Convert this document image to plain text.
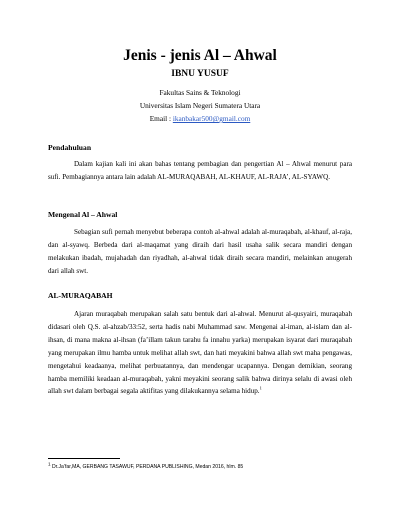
Jenis - jenis Al – Ahwal
IBNU YUSUF
Fakultas Sains & Teknologi
Universitas Islam Negeri Sumatera Utara
Email : ikanbakar500@gmail.com
Pendahuluan

Dalam kajian kali ini akan bahas tentang pembagian dan pengertian Al – Ahwal menurut para sufi. Pembagiannya antara lain adalah AL-MURAQABAH, AL-KHAUF, AL-RAJA’, AL-SYAWQ.

Mengenal Al – Ahwal

Sebagian sufi pernah menyebut beberapa contoh al-ahwal adalah al-muraqabah, al-khauf, al-raja, dan al-syawq. Berbeda dari al-maqamat yang diraih dari hasil usaha salik secara mandiri dengan melakukan ibadah, mujahadah dan riyadhah, al-ahwal tidak diraih secara mandiri, melainkan anugerah dari allah swt.

AL-MURAQABAH

Ajaran muraqabah merupakan salah satu bentuk dari al-ahwal. Menurut al-qusyairi, muraqabah didasari oleh Q.S. al-ahzab/33:52, serta hadis nabi Muhammad saw. Mengenai al-iman, al-islam dan al-ihsan, di mana makna al-ihsan (fa’illam takun tarahu fa innahu yarka) merupakan isyarat dari muraqabah yang merupakan ilmu hamba untuk melihat allah swt, dan hati meyakini bahwa allah swt maha pengawas, mengetahui keadaanya, melihat perbuatannya, dan mendengar ucapannya. Dengan demikian, seorang hamba memiliki keadaan al-muraqabah, yakni meyakini seorang salik bahwa dirinya selalu di awasi oleh allah swt dalam berbagai segala aktifitas yang dilakukannya selama hidup.$^1$

$^1$ Dr.Ja’far,MA, GERBANG TASAWUF, PERDANA PUBLISHING, Medan 2016, hlm. 85
